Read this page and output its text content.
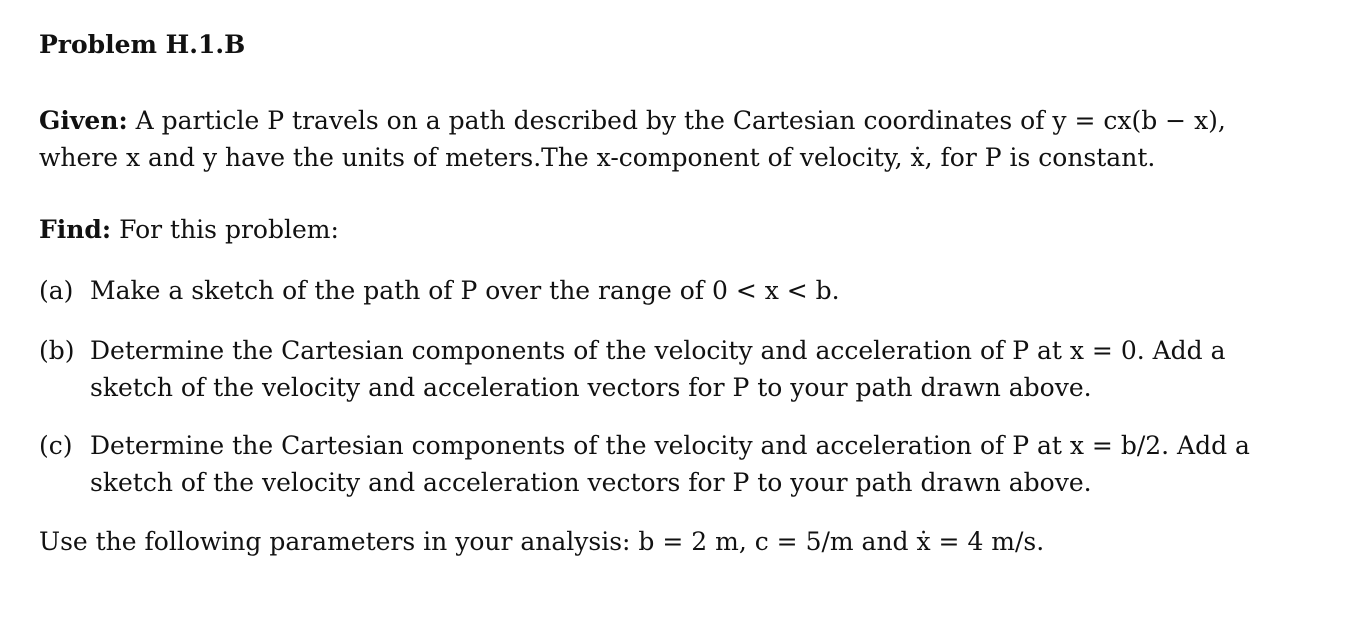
Problem H.1.B
Given: A particle P travels on a path described by the Cartesian coordinates of y = cx(b − x),
where x and y have the units of meters.The x-component of velocity, ẋ, for P is constant.
Find: For this problem:
(a) Make a sketch of the path of P over the range of 0 < x < b.
(b) Determine the Cartesian components of the velocity and acceleration of P at x = 0. Add a
sketch of the velocity and acceleration vectors for P to your path drawn above.
(c) Determine the Cartesian components of the velocity and acceleration of P at x = b/2. Add a
sketch of the velocity and acceleration vectors for P to your path drawn above.
Use the following parameters in your analysis: b = 2 m, c = 5/m and ẋ = 4 m/s.
